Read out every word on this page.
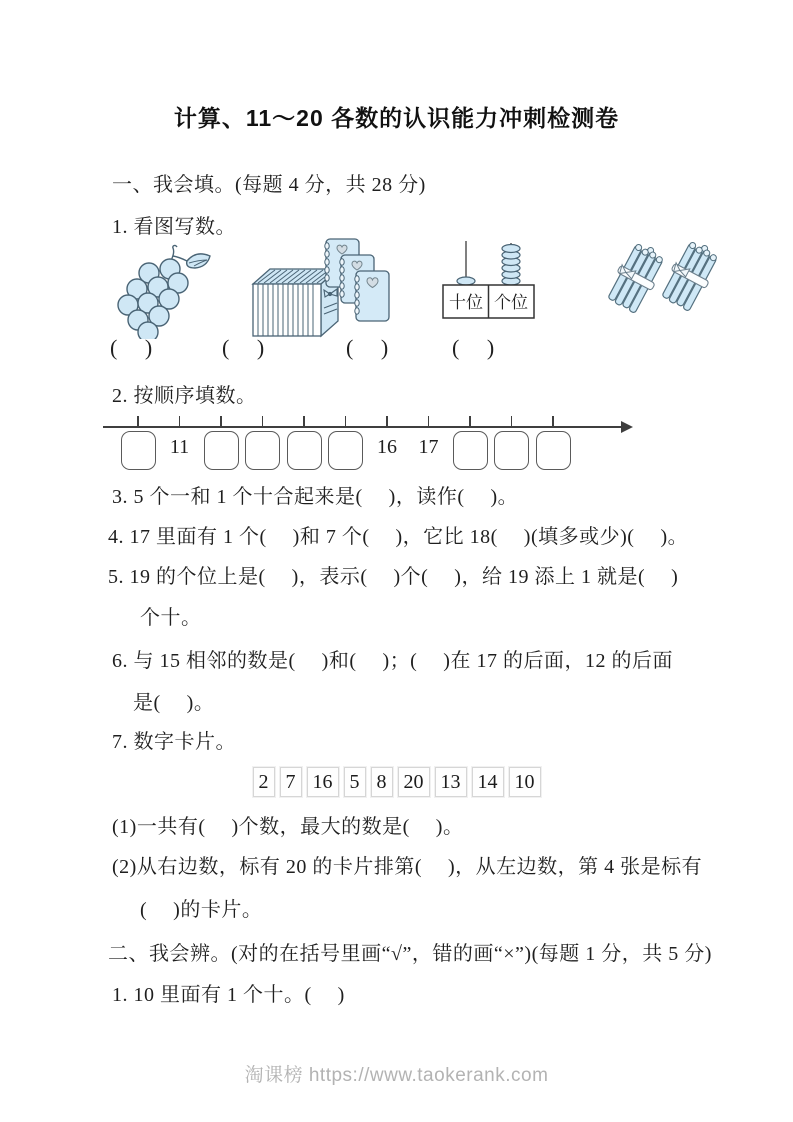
计算、11～20 各数的认识能力冲刺检测卷
一、我会填。(每题 4 分，共 28 分)
1. 看图写数。
十位 个位
(　 )	(　 )	(　 )	(　 )
2. 按顺序填数。
11	16	17
3. 5 个一和 1 个十合起来是(　 )，读作(　 )。
4. 17 里面有 1 个(　 )和 7 个(　 )，它比 18(　 )(填多或少)(　 )。
5. 19 的个位上是(　 )，表示(　 )个(　 )，给 19 添上 1 就是(　 )
个十。
6. 与 15 相邻的数是(　 )和(　 )；(　 )在 17 的后面，12 的后面
是(　 )。
7. 数字卡片。
2 7 16 5 8 20 13 14 10
(1)一共有(　 )个数，最大的数是(　 )。
(2)从右边数，标有 20 的卡片排第(　 )，从左边数，第 4 张是标有
(　 )的卡片。
二、我会辨。(对的在括号里画“√”，错的画“×”)(每题 1 分，共 5 分)
1. 10 里面有 1 个十。(　 )
淘课榜 https://www.taokerank.com
